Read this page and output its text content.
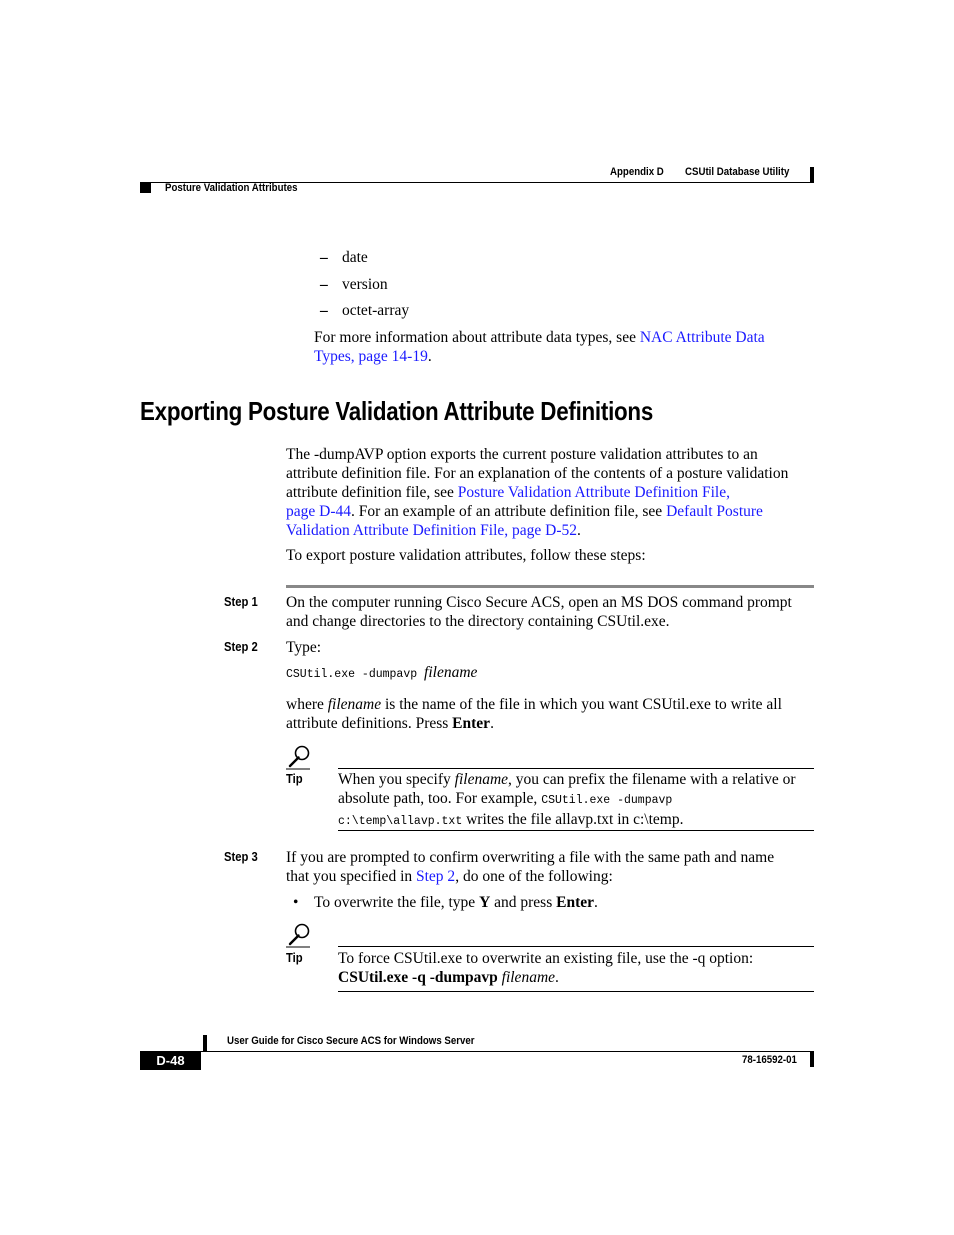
Appendix D CSUtil Database Utility
Posture Validation Attributes
– date
– version
– octet-array
For more information about attribute data types, see NAC Attribute Data
Types, page 14-19.
Exporting Posture Validation Attribute Definitions
The -dumpAVP option exports the current posture validation attributes to an
attribute definition file. For an explanation of the contents of a posture validation
attribute definition file, see Posture Validation Attribute Definition File,
page D-44. For an example of an attribute definition file, see Default Posture
Validation Attribute Definition File, page D-52.
To export posture validation attributes, follow these steps:
Step 1 On the computer running Cisco Secure ACS, open an MS DOS command prompt
and change directories to the directory containing CSUtil.exe.
Step 2 Type:
CSUtil.exe -dumpavp filename
where filename is the name of the file in which you want CSUtil.exe to write all
attribute definitions. Press Enter.
Tip When you specify filename, you can prefix the filename with a relative or
absolute path, too. For example, CSUtil.exe -dumpavp
c:\temp\allavp.txt writes the file allavp.txt in c:\temp.
Step 3 If you are prompted to confirm overwriting a file with the same path and name
that you specified in Step 2, do one of the following:
• To overwrite the file, type Y and press Enter.
Tip To force CSUtil.exe to overwrite an existing file, use the -q option:
CSUtil.exe -q -dumpavp filename.
User Guide for Cisco Secure ACS for Windows Server
D-48	78-16592-01
